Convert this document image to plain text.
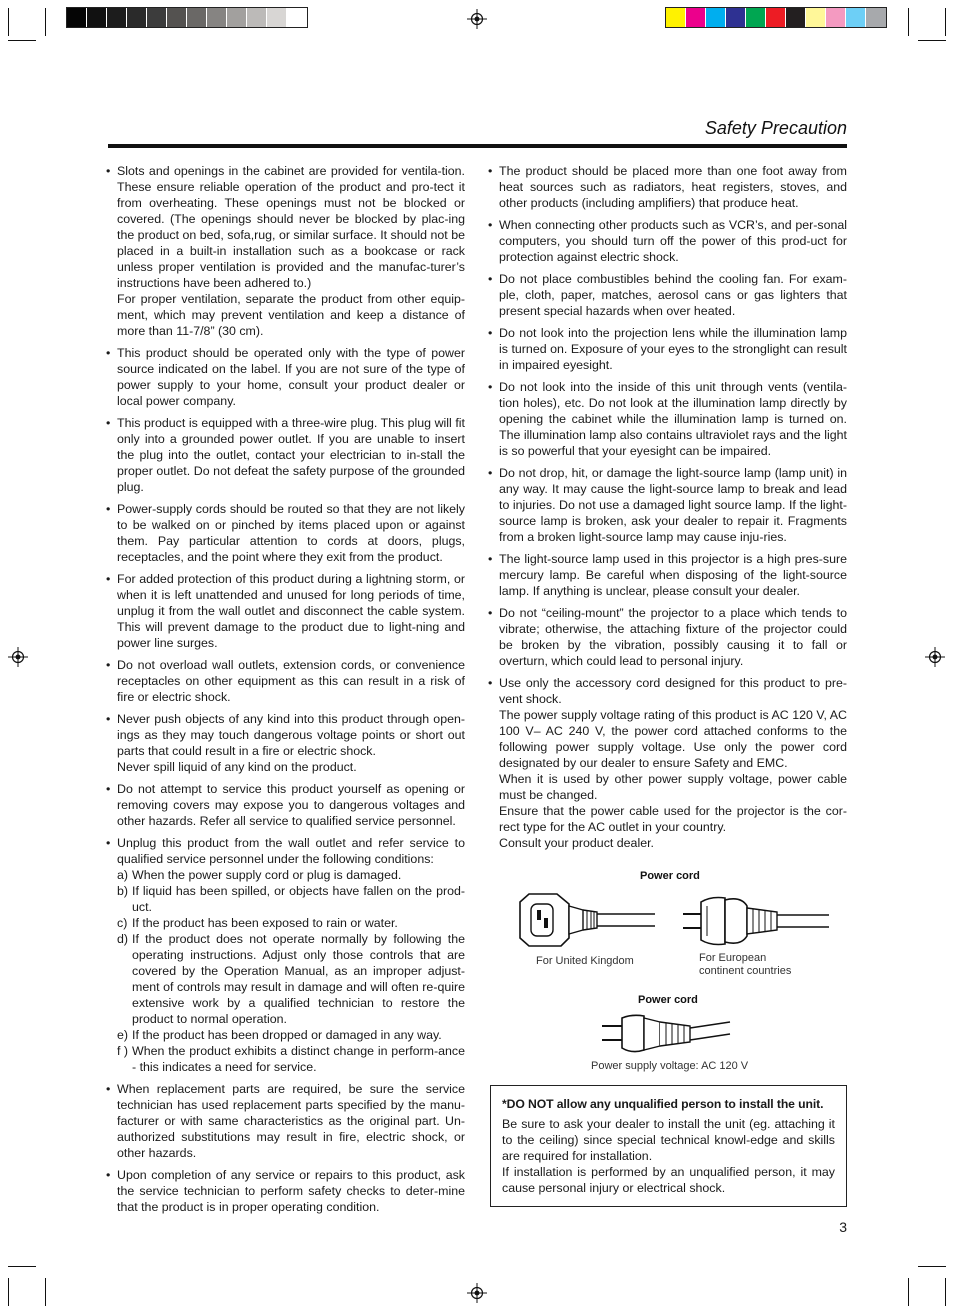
Safety Precaution
• Slots and openings in the cabinet are provided for ventila-tion. These ensure reliable operation of the product and pro-tect it from overheating. These openings must not be blocked or covered. (The openings should never be blocked by plac-ing the product on bed, sofa,rug, or similar surface. It should not be placed in a built-in installation such as a bookcase or rack unless proper ventilation is provided and the manufac-turer’s instructions have been adhered to.)
For proper ventilation, separate the product from other equip-ment, which may prevent ventilation and keep a distance of more than 11-7/8” (30 cm).
• This product should be operated only with the type of power source indicated on the label. If you are not sure of the type of power supply to your home, consult your product dealer or local power company.
• This product is equipped with a three-wire plug. This plug will fit only into a grounded power outlet. If you are unable to insert the plug into the outlet, contact your electrician to in-stall the proper outlet. Do not defeat the safety purpose of the grounded plug.
• Power-supply cords should be routed so that they are not likely to be walked on or pinched by items placed upon or against them. Pay particular attention to cords at doors, plugs, receptacles, and the point where they exit from the product.
• For added protection of this product during a lightning storm, or when it is left unattended and unused for long periods of time, unplug it from the wall outlet and disconnect the cable system. This will prevent damage to the product due to light-ning and power line surges.
• Do not overload wall outlets, extension cords, or convenience receptacles on other equipment as this can result in a risk of fire or electric shock.
• Never push objects of any kind into this product through open-ings as they may touch dangerous voltage points or short out parts that could result in a fire or electric shock.
Never spill liquid of any kind on the product.
• Do not attempt to service this product yourself as opening or removing covers may expose you to dangerous voltages and other hazards. Refer all service to qualified service personnel.
• Unplug this product from the wall outlet and refer service to qualified service personnel under the following conditions:
a) When the power supply cord or plug is damaged.
b) If liquid has been spilled, or objects have fallen on the prod-uct.
c) If the product has been exposed to rain or water.
d) If the product does not operate normally by following the operating instructions. Adjust only those controls that are covered by the Operation Manual, as an improper adjust-ment of controls may result in damage and will often re-quire extensive work by a qualified technician to restore the product to normal operation.
e) If the product has been dropped or damaged in any way.
f ) When the product exhibits a distinct change in perform-ance - this indicates a need for service.
• When replacement parts are required, be sure the service technician has used replacement parts specified by the manu-facturer or with same characteristics as the original part. Un-authorized substitutions may result in fire, electric shock, or other hazards.
• Upon completion of any service or repairs to this product, ask the service technician to perform safety checks to deter-mine that the product is in proper operating condition.
• The product should be placed more than one foot away from heat sources such as radiators, heat registers, stoves, and other products (including amplifiers) that produce heat.
• When connecting other products such as VCR’s, and per-sonal computers, you should turn off the power of this prod-uct for protection against electric shock.
• Do not place combustibles behind the cooling fan. For exam-ple, cloth, paper, matches, aerosol cans or gas lighters that present special hazards when over heated.
• Do not look into the projection lens while the illumination lamp is turned on. Exposure of your eyes to the stronglight can result in impaired eyesight.
• Do not look into the inside of this unit through vents (ventila-tion holes), etc. Do not look at the illumination lamp directly by opening the cabinet while the illumination lamp is turned on. The illumination lamp also contains ultraviolet rays and the light is so powerful that your eyesight can be impaired.
• Do not drop, hit, or damage the light-source lamp (lamp unit) in any way. It may cause the light-source lamp to break and lead to injuries. Do not use a damaged light source lamp. If the light-source lamp is broken, ask your dealer to repair it. Fragments from a broken light-source lamp may cause inju-ries.
• The light-source lamp used in this projector is a high pres-sure mercury lamp. Be careful when disposing of the light-source lamp. If anything is unclear, please consult your dealer.
• Do not “ceiling-mount” the projector to a place which tends to vibrate; otherwise, the attaching fixture of the projector could be broken by the vibration, possibly causing it to fall or overturn, which could lead to personal injury.
• Use only the accessory cord designed for this product to pre-vent shock.
The power supply voltage rating of this product is AC 120 V, AC 100 V– AC 240 V, the power cord attached conforms to the following power supply voltage. Use only the power cord designated by our dealer to ensure Safety and EMC.
When it is used by other power supply voltage, power cable must be changed.
Ensure that the power cable used for the projector is the cor-rect type for the AC outlet in your country.
Consult your product dealer.
Power cord
For United Kingdom	For European
continent countries
Power cord
Power supply voltage: AC 120 V
*DO NOT allow any unqualified person to install the unit.

Be sure to ask your dealer to install the unit (eg. attaching it to the ceiling) since special technical knowl-edge and skills are required for installation.

If installation is performed by an unqualified person, it may cause personal injury or electrical shock.

3
